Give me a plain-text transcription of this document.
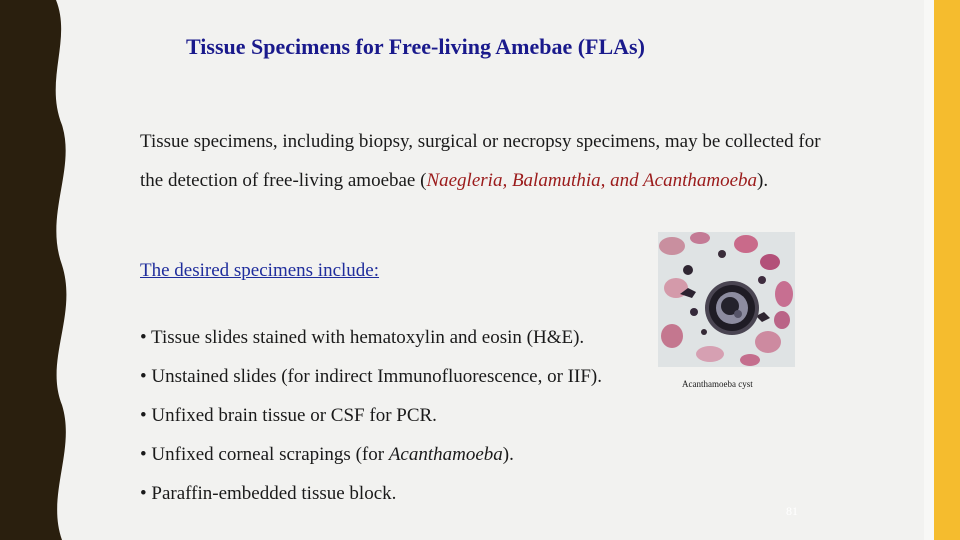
Tissue Specimens for Free-living Amebae (FLAs)
Tissue specimens, including biopsy, surgical or necropsy specimens, may be collected for the detection of free-living amoebae (Naegleria, Balamuthia, and Acanthamoeba).
The desired specimens include:
• Tissue slides stained with hematoxylin and eosin (H&E).
• Unstained slides (for indirect Immunofluorescence, or IIF).
• Unfixed brain tissue or CSF for PCR.
• Unfixed corneal scrapings (for Acanthamoeba).
• Paraffin-embedded tissue block.
Acanthamoeba cyst
81
